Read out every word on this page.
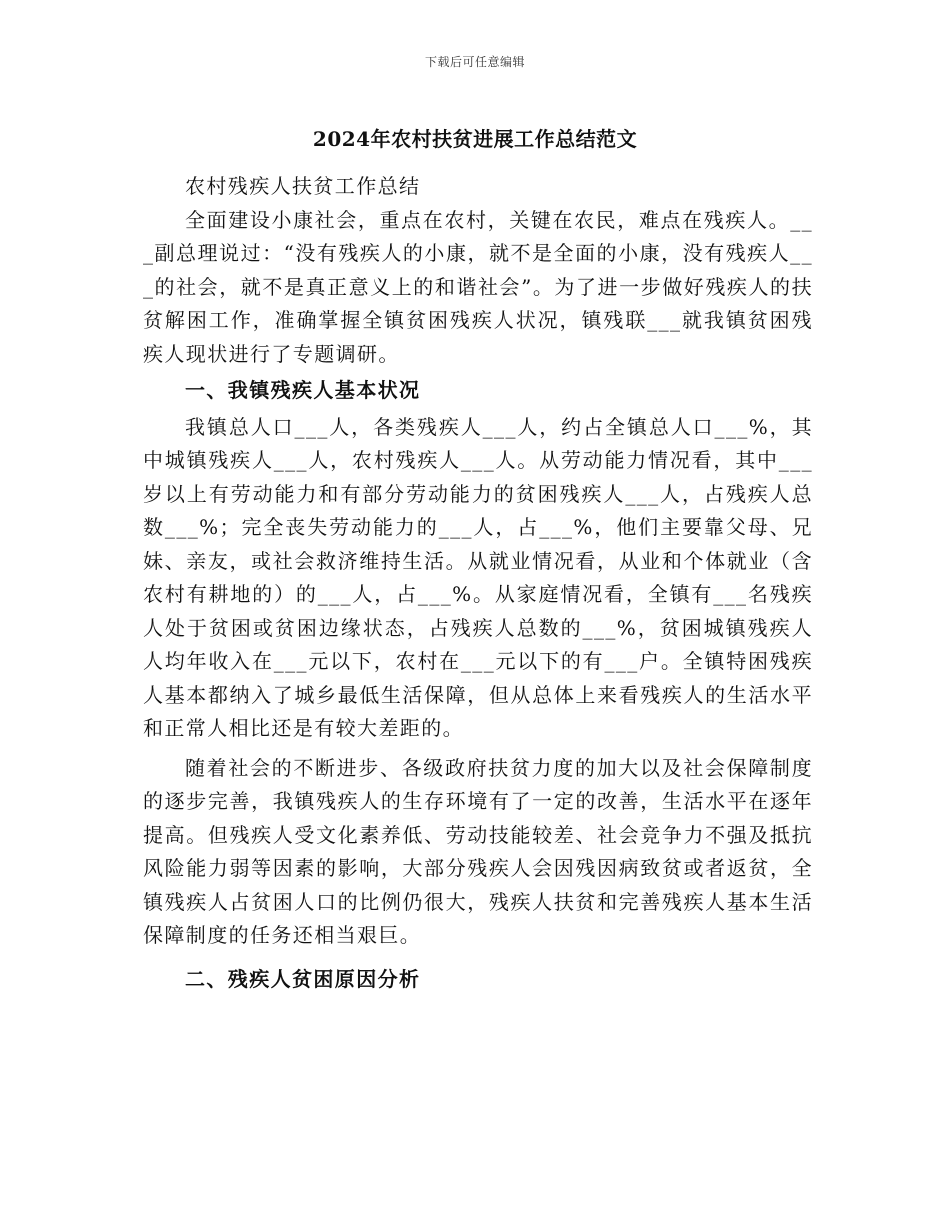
下载后可任意编辑
2024年农村扶贫进展工作总结范文

农村残疾人扶贫工作总结

全面建设小康社会，重点在农村，关键在农民，难点在残疾人。___副总理说过：“没有残疾人的小康，就不是全面的小康，没有残疾人___的社会，就不是真正意义上的和谐社会”。为了进一步做好残疾人的扶贫解困工作，准确掌握全镇贫困残疾人状况，镇残联___就我镇贫困残疾人现状进行了专题调研。

一、我镇残疾人基本状况

我镇总人口___人，各类残疾人___人，约占全镇总人口___%，其中城镇残疾人___人，农村残疾人___人。从劳动能力情况看，其中___岁以上有劳动能力和有部分劳动能力的贫困残疾人___人，占残疾人总数___%；完全丧失劳动能力的___人，占___%，他们主要靠父母、兄妹、亲友，或社会救济维持生活。从就业情况看，从业和个体就业（含农村有耕地的）的___人，占___%。从家庭情况看，全镇有___名残疾人处于贫困或贫困边缘状态，占残疾人总数的___%，贫困城镇残疾人人均年收入在___元以下，农村在___元以下的有___户。全镇特困残疾人基本都纳入了城乡最低生活保障，但从总体上来看残疾人的生活水平和正常人相比还是有较大差距的。

随着社会的不断进步、各级政府扶贫力度的加大以及社会保障制度的逐步完善，我镇残疾人的生存环境有了一定的改善，生活水平在逐年提高。但残疾人受文化素养低、劳动技能较差、社会竞争力不强及抵抗风险能力弱等因素的影响，大部分残疾人会因残因病致贫或者返贫，全镇残疾人占贫困人口的比例仍很大，残疾人扶贫和完善残疾人基本生活保障制度的任务还相当艰巨。

二、残疾人贫困原因分析
